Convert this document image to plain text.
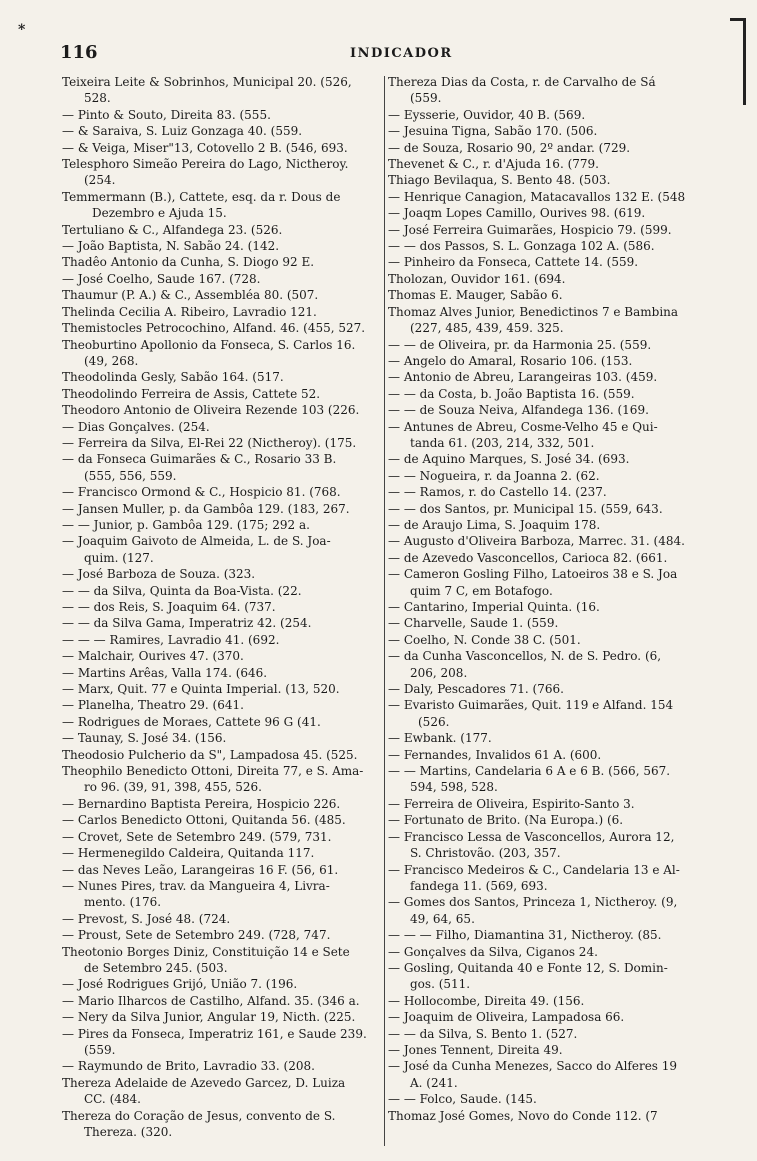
*
116	INDICADOR
Teixeira Leite & Sobrinhos, Municipal 20. (526,
528.
— Pinto & Souto, Direita 83. (555.
— & Saraiva, S. Luiz Gonzaga 40. (559.
— & Veiga, Miser"13, Cotovello 2 B. (546, 693.
Telesphoro Simeão Pereira do Lago, Nictheroy.
(254.
Temmermann (B.), Cattete, esq. da r. Dous de
Dezembro e Ajuda 15.
Tertuliano & C., Alfandega 23. (526.
— João Baptista, N. Sabão 24. (142.
Thadêo Antonio da Cunha, S. Diogo 92 E.
— José Coelho, Saude 167. (728.
Thaumur (P. A.) & C., Assembléa 80. (507.
Thelinda Cecilia A. Ribeiro, Lavradio 121.
Themistocles Petrocochino, Alfand. 46. (455, 527.
Theoburtino Apollonio da Fonseca, S. Carlos 16.
(49, 268.
Theodolinda Gesly, Sabão 164. (517.
Theodolindo Ferreira de Assis, Cattete 52.
Theodoro Antonio de Oliveira Rezende 103 (226.
— Dias Gonçalves. (254.
— Ferreira da Silva, El-Rei 22 (Nictheroy). (175.
— da Fonseca Guimarães & C., Rosario 33 B.
(555, 556, 559.
— Francisco Ormond & C., Hospicio 81. (768.
— Jansen Muller, p. da Gambôa 129. (183, 267.
— — Junior, p. Gambôa 129. (175; 292 a.
— Joaquim Gaivoto de Almeida, L. de S. Joa-
quim. (127.
— José Barboza de Souza. (323.
— — da Silva, Quinta da Boa-Vista. (22.
— — dos Reis, S. Joaquim 64. (737.
— — da Silva Gama, Imperatriz 42. (254.
— — — Ramires, Lavradio 41. (692.
— Malchair, Ourives 47. (370.
— Martins Arêas, Valla 174. (646.
— Marx, Quit. 77 e Quinta Imperial. (13, 520.
— Planelha, Theatro 29. (641.
— Rodrigues de Moraes, Cattete 96 G (41.
— Taunay, S. José 34. (156.
Theodosio Pulcherio da S", Lampadosa 45. (525.
Theophilo Benedicto Ottoni, Direita 77, e S. Ama-
ro 96. (39, 91, 398, 455, 526.
— Bernardino Baptista Pereira, Hospicio 226.
— Carlos Benedicto Ottoni, Quitanda 56. (485.
— Crovet, Sete de Setembro 249. (579, 731.
— Hermenegildo Caldeira, Quitanda 117.
— das Neves Leão, Larangeiras 16 F. (56, 61.
— Nunes Pires, trav. da Mangueira 4, Livra-
mento. (176.
— Prevost, S. José 48. (724.
— Proust, Sete de Setembro 249. (728, 747.
Theotonio Borges Diniz, Constituição 14 e Sete
de Setembro 245. (503.
— José Rodrigues Grijó, União 7. (196.
— Mario Ilharcos de Castilho, Alfand. 35. (346 a.
— Nery da Silva Junior, Angular 19, Nicth. (225.
— Pires da Fonseca, Imperatriz 161, e Saude 239.
(559.
— Raymundo de Brito, Lavradio 33. (208.
Thereza Adelaide de Azevedo Garcez, D. Luiza
CC. (484.
Thereza do Coração de Jesus, convento de S.
Thereza. (320.
Thereza Dias da Costa, r. de Carvalho de Sá
(559.
— Eysserie, Ouvidor, 40 B. (569.
— Jesuina Tigna, Sabão 170. (506.
— de Souza, Rosario 90, 2º andar. (729.
Thevenet & C., r. d'Ajuda 16. (779.
Thiago Bevilaqua, S. Bento 48. (503.
— Henrique Canagion, Matacavallos 132 E. (548
— Joaqm Lopes Camillo, Ourives 98. (619.
— José Ferreira Guimarães, Hospicio 79. (599.
— — dos Passos, S. L. Gonzaga 102 A. (586.
— Pinheiro da Fonseca, Cattete 14. (559.
Tholozan, Ouvidor 161. (694.
Thomas E. Mauger, Sabão 6.
Thomaz Alves Junior, Benedictinos 7 e Bambina
(227, 485, 439, 459. 325.
— — de Oliveira, pr. da Harmonia 25. (559.
— Angelo do Amaral, Rosario 106. (153.
— Antonio de Abreu, Larangeiras 103. (459.
— — da Costa, b. João Baptista 16. (559.
— — de Souza Neiva, Alfandega 136. (169.
— Antunes de Abreu, Cosme-Velho 45 e Qui-
tanda 61. (203, 214, 332, 501.
— de Aquino Marques, S. José 34. (693.
— — Nogueira, r. da Joanna 2. (62.
— — Ramos, r. do Castello 14. (237.
— — dos Santos, pr. Municipal 15. (559, 643.
— de Araujo Lima, S. Joaquim 178.
— Augusto d'Oliveira Barboza, Marrec. 31. (484.
— de Azevedo Vasconcellos, Carioca 82. (661.
— Cameron Gosling Filho, Latoeiros 38 e S. Joa
quim 7 C, em Botafogo.
— Cantarino, Imperial Quinta. (16.
— Charvelle, Saude 1. (559.
— Coelho, N. Conde 38 C. (501.
— da Cunha Vasconcellos, N. de S. Pedro. (6,
206, 208.
— Daly, Pescadores 71. (766.
— Evaristo Guimarães, Quit. 119 e Alfand. 154
(526.
— Ewbank. (177.
— Fernandes, Invalidos 61 A. (600.
— — Martins, Candelaria 6 A e 6 B. (566, 567.
594, 598, 528.
— Ferreira de Oliveira, Espirito-Santo 3.
— Fortunato de Brito. (Na Europa.) (6.
— Francisco Lessa de Vasconcellos, Aurora 12,
S. Christovão. (203, 357.
— Francisco Medeiros & C., Candelaria 13 e Al-
fandega 11. (569, 693.
— Gomes dos Santos, Princeza 1, Nictheroy. (9,
49, 64, 65.
— — — Filho, Diamantina 31, Nictheroy. (85.
— Gonçalves da Silva, Ciganos 24.
— Gosling, Quitanda 40 e Fonte 12, S. Domin-
gos. (511.
— Hollocombe, Direita 49. (156.
— Joaquim de Oliveira, Lampadosa 66.
— — da Silva, S. Bento 1. (527.
— Jones Tennent, Direita 49.
— José da Cunha Menezes, Sacco do Alferes 19
A. (241.
— — Folco, Saude. (145.
Thomaz José Gomes, Novo do Conde 112. (7
